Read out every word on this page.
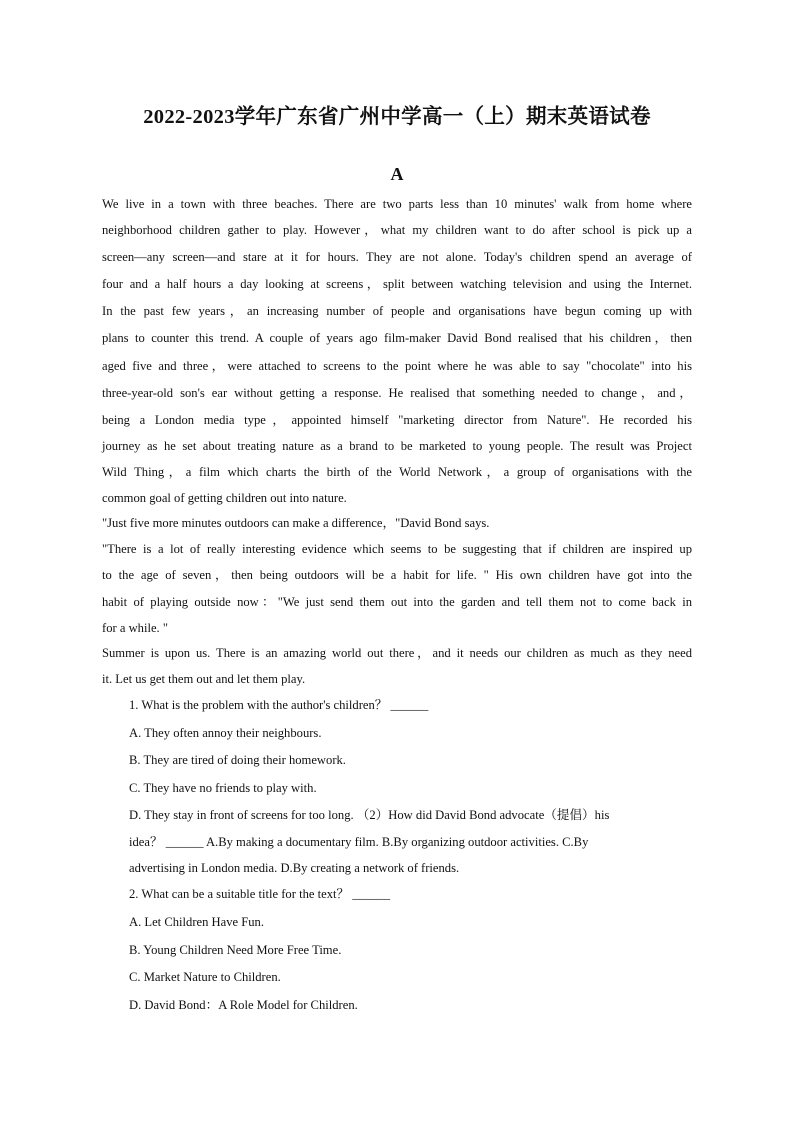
2022-2023学年广东省广州中学高一（上）期末英语试卷
A
We live in a town with three beaches. There are two parts less than 10 minutes' walk from home where
neighborhood children gather to play. However，what my children want to do after school is pick up a
screen—any screen—and stare at it for hours. They are not alone. Today's children spend an average of
four and a half hours a day looking at screens，split between watching television and using the Internet.
In the past few years，an increasing number of people and organisations have begun coming up with
plans to counter this trend. A couple of years ago film-maker David Bond realised that his children，then
aged five and three，were attached to screens to the point where he was able to say "chocolate" into his
three-year-old son's ear without getting a response. He realised that something needed to change，and，
being a London media type，appointed himself "marketing director from Nature". He recorded his
journey as he set about treating nature as a brand to be marketed to young people. The result was Project
Wild Thing，a film which charts the birth of the World Network，a group of organisations with the
common goal of getting children out into nature.
"Just five more minutes outdoors can make a difference，"David Bond says.
"There is a lot of really interesting evidence which seems to be suggesting that if children are inspired up
to the age of seven，then being outdoors will be a habit for life. " His own children have got into the
habit of playing outside now："We just send them out into the garden and tell them not to come back in
for a while. "
Summer is upon us. There is an amazing world out there，and it needs our children as much as they need
it. Let us get them out and let them play.
1. What is the problem with the author's children？ ______
A. They often annoy their neighbours.
B. They are tired of doing their homework.
C. They have no friends to play with.
D. They stay in front of screens for too long. （2）How did David Bond advocate（提倡）his
idea？ ______ A.By making a documentary film. B.By organizing outdoor activities. C.By
advertising in London media. D.By creating a network of friends.
2. What can be a suitable title for the text？ ______
A. Let Children Have Fun.
B. Young Children Need More Free Time.
C. Market Nature to Children.
D. David Bond：A Role Model for Children.
